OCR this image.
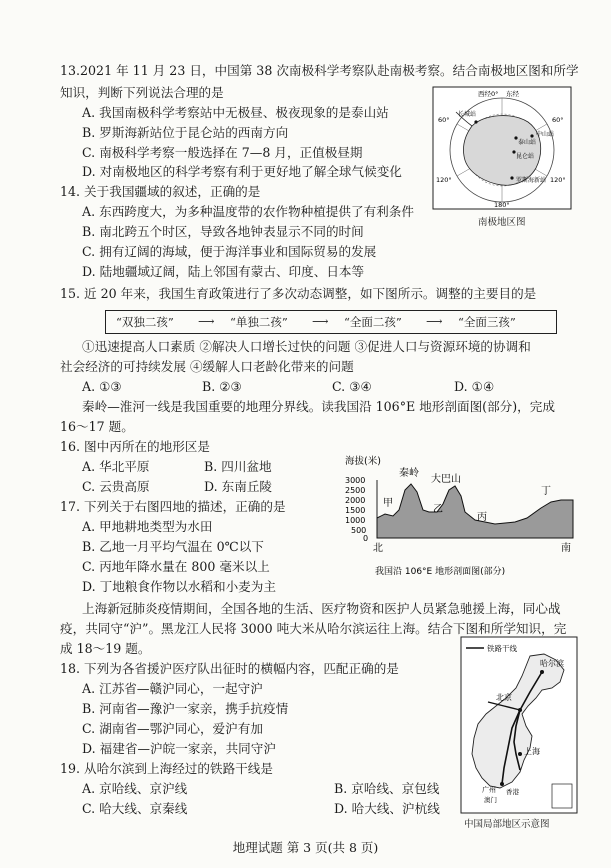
13.2021 年 11 月 23 日，中国第 38 次南极科学考察队赴南极考察。结合南极地区图和所学
知识，判断下列说法合理的是
A. 我国南极科学考察站中无极昼、极夜现象的是泰山站
B. 罗斯海新站位于昆仑站的西南方向
C. 南极科学考察一般选择在 7—8 月，正值极昼期
D. 对南极地区的科学考察有利于更好地了解全球气候变化
西经0° 东经
60°	60°
120°	120°
180°
长城站
中山站
泰山站
昆仑站
罗斯海新站
南极地区图
14. 关于我国疆域的叙述，正确的是
A. 东西跨度大，为多种温度带的农作物种植提供了有利条件
B. 南北跨五个时区，导致各地钟表显示不同的时间
C. 拥有辽阔的海域，便于海洋事业和国际贸易的发展
D. 陆地疆域辽阔，陆上邻国有蒙古、印度、日本等
15. 近 20 年来，我国生育政策进行了多次动态调整，如下图所示。调整的主要目的是
“双独二孩” ⟶ “单独二孩” ⟶ “全面二孩” ⟶ “全面三孩”
①迅速提高人口素质 ②解决人口增长过快的问题 ③促进人口与资源环境的协调和
社会经济的可持续发展 ④缓解人口老龄化带来的问题
A. ①③	B. ②③	C. ③④	D. ①④
秦岭—淮河一线是我国重要的地理分界线。读我国沿 106°E 地形剖面图(部分)，完成
16～17 题。
16. 图中丙所在的地形区是
A. 华北平原	B. 四川盆地
C. 云贵高原	D. 东南丘陵
海拔(米)
3000
2500
2000
1500
1000
500
0
秦岭
大巴山
甲
乙
丙
丁
北	南
我国沿 106°E 地形剖面图(部分)
17. 下列关于右图四地的描述，正确的是
A. 甲地耕地类型为水田
B. 乙地一月平均气温在 0℃以下
C. 丙地年降水量在 800 毫米以上
D. 丁地粮食作物以水稻和小麦为主
上海新冠肺炎疫情期间，全国各地的生活、医疗物资和医护人员紧急驰援上海，同心战
疫，共同守“沪”。黑龙江人民将 3000 吨大米从哈尔滨运往上海。结合下图和所学知识，完
成 18～19 题。
18. 下列为各省援沪医疗队出征时的横幅内容，匹配正确的是
A. 江苏省—赣沪同心，一起守沪
B. 河南省—豫沪一家亲，携手抗疫情
C. 湖南省—鄂沪同心，爱沪有加
D. 福建省—沪皖一家亲，共同守沪
19. 从哈尔滨到上海经过的铁路干线是
A. 京哈线、京沪线	B. 京哈线、京包线
C. 哈大线、京秦线	D. 哈大线、沪杭线
铁路干线
哈尔滨
北京
上海
广州 香港
澳门
中国局部地区示意图
地理试题 第 3 页(共 8 页)
